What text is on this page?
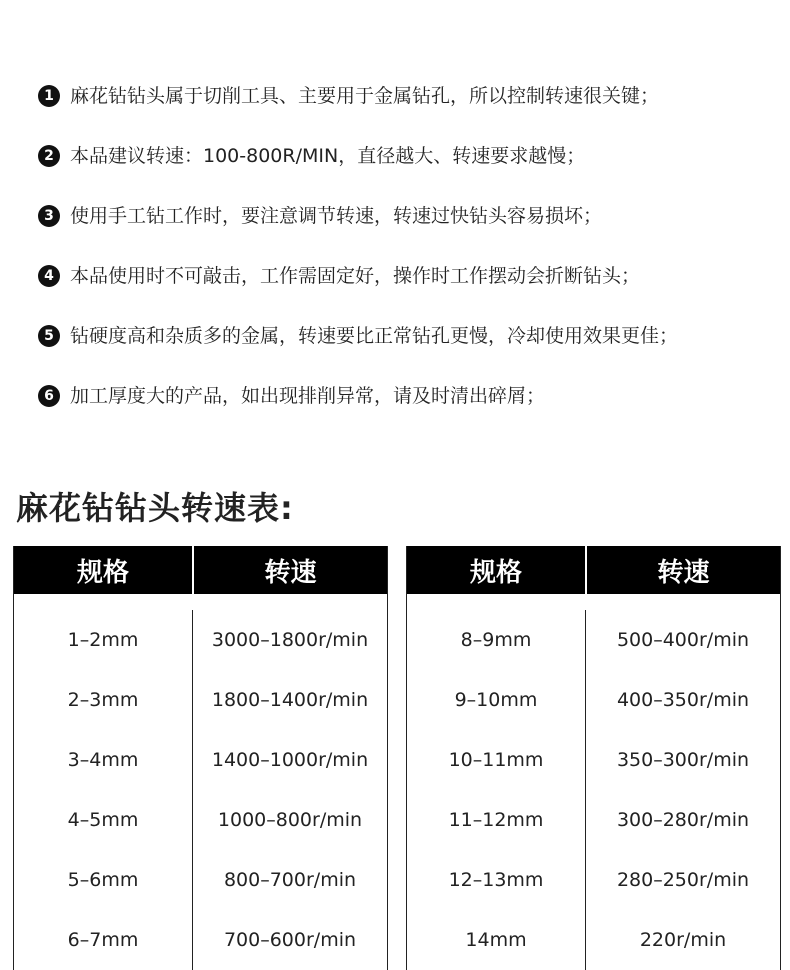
1 麻花钻钻头属于切削工具、主要用于金属钻孔，所以控制转速很关键；
2 本品建议转速：100-800R/MIN，直径越大、转速要求越慢；
3 使用手工钻工作时，要注意调节转速，转速过快钻头容易损坏；
4 本品使用时不可敲击，工作需固定好，操作时工作摆动会折断钻头；
5 钻硬度高和杂质多的金属，转速要比正常钻孔更慢，冷却使用效果更佳；
6 加工厚度大的产品，如出现排削异常，请及时清出碎屑；
麻花钻钻头转速表:
规格	转速
1–2mm	3000–1800r/min
2–3mm	1800–1400r/min
3–4mm	1400–1000r/min
4–5mm	1000–800r/min
5–6mm	800–700r/min
6–7mm	700–600r/min
规格	转速
8–9mm	500–400r/min
9–10mm	400–350r/min
10–11mm	350–300r/min
11–12mm	300–280r/min
12–13mm	280–250r/min
14mm	220r/min
